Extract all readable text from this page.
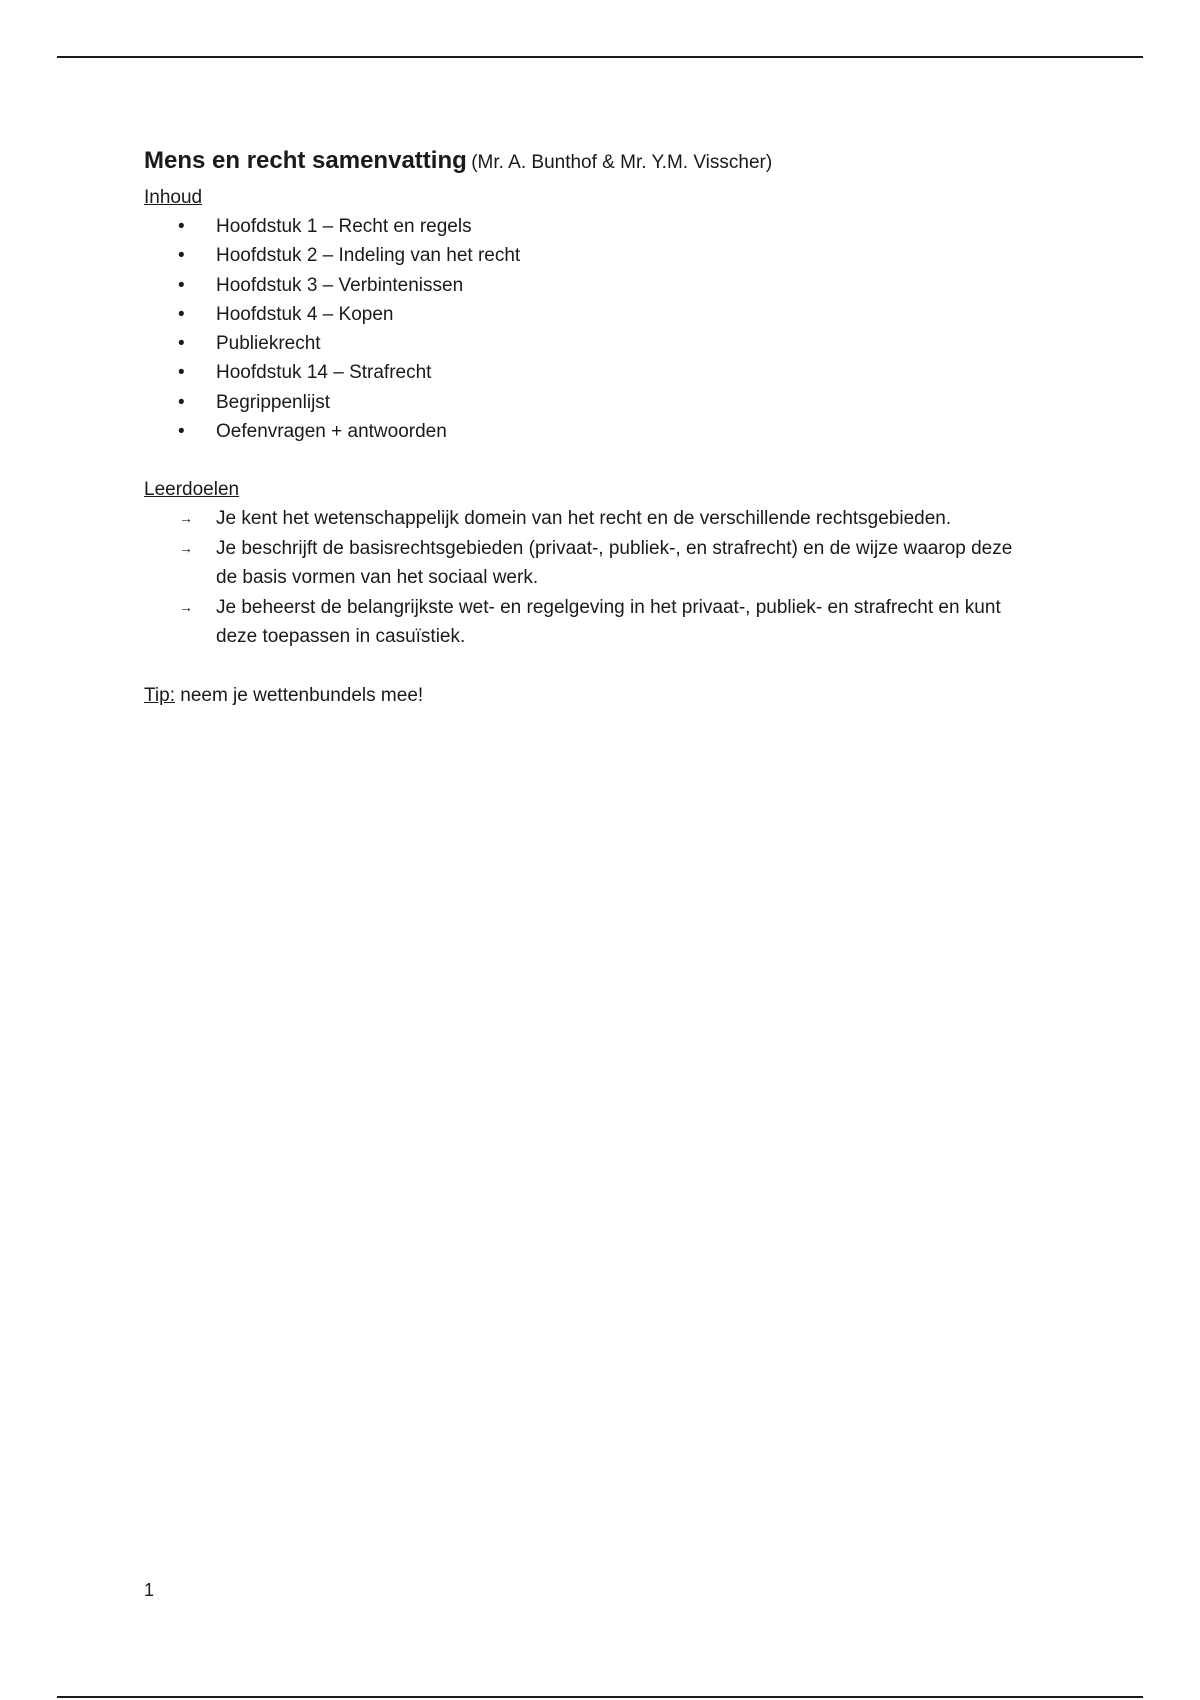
Mens en recht samenvatting (Mr. A. Bunthof & Mr. Y.M. Visscher)

Inhoud

• Hoofdstuk 1 – Recht en regels
• Hoofdstuk 2 – Indeling van het recht
• Hoofdstuk 3 – Verbintenissen
• Hoofdstuk 4 – Kopen
• Publiekrecht
• Hoofdstuk 14 – Strafrecht
• Begrippenlijst
• Oefenvragen + antwoorden

Leerdoelen

→ Je kent het wetenschappelijk domein van het recht en de verschillende rechtsgebieden.
→ Je beschrijft de basisrechtsgebieden (privaat-, publiek-, en strafrecht) en de wijze waarop deze de basis vormen van het sociaal werk.
→ Je beheerst de belangrijkste wet- en regelgeving in het privaat-, publiek- en strafrecht en kunt deze toepassen in casuïstiek.

Tip: neem je wettenbundels mee!

1
